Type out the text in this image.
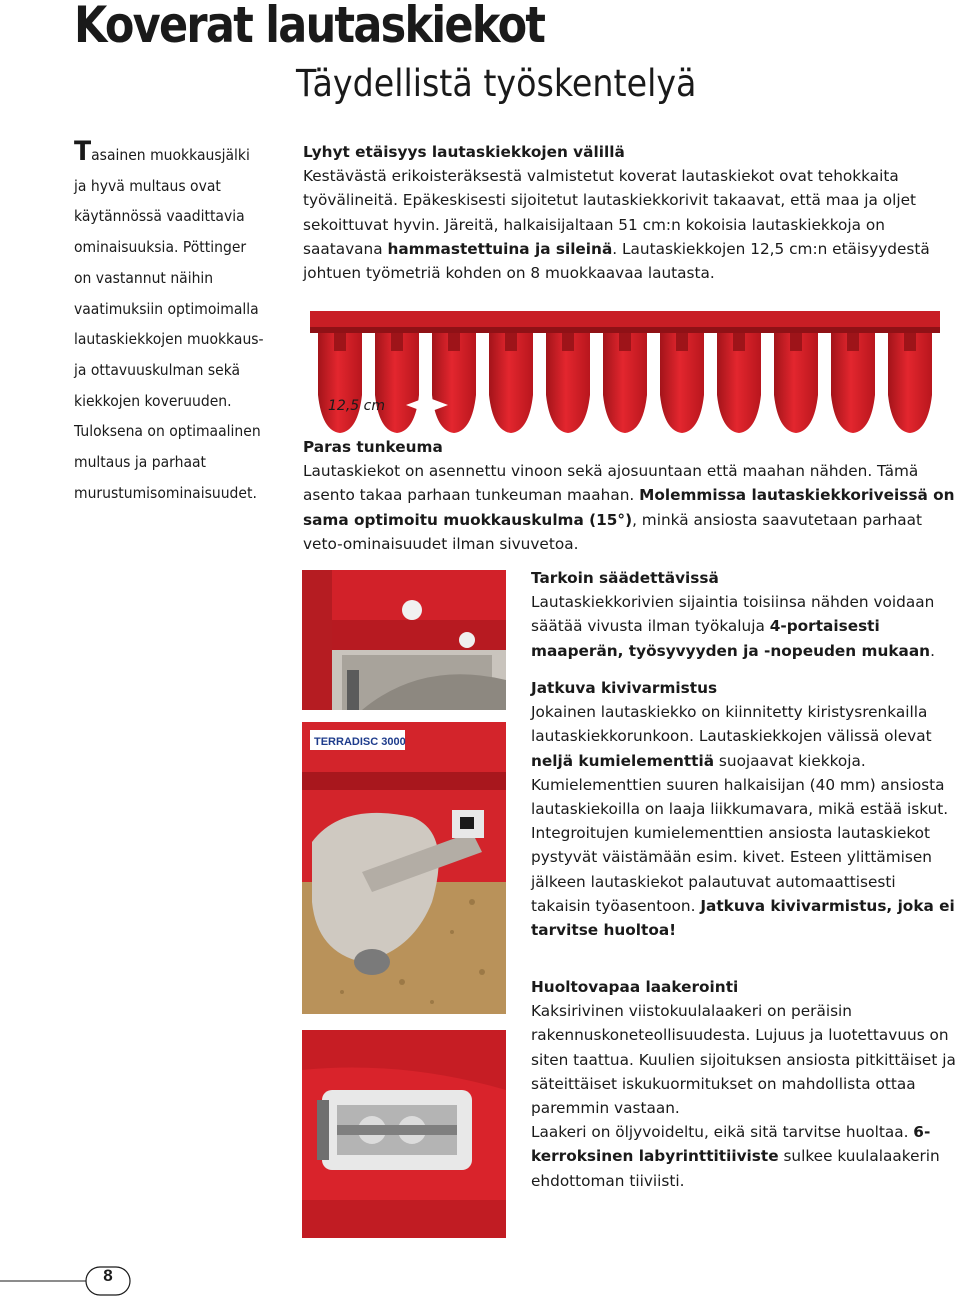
Koverat lautaskiekot
Täydellistä työskentelyä

Tasainen muokkausjälki ja hyvä multaus ovat käytännössä vaadittavia ominaisuuksia. Pöttinger on vastannut näihin vaatimuksiin optimoimalla lautaskiekkojen muokkaus- ja ottavuuskulman sekä kiekkojen koveruuden. Tuloksena on optimaalinen multaus ja parhaat murustumisominaisuudet.

Lyhyt etäisyys lautaskiekkojen välillä

Kestävästä erikoisteräksestä valmistetut koverat lautaskiekot ovat tehokkaita työvälineitä. Epäkeskisesti sijoitetut lautaskiekkorivit takaavat, että maa ja oljet sekoittuvat hyvin. Järeitä, halkaisijaltaan 51 cm:n kokoisia lautaskiekkoja on saatavana hammastettuina ja sileinä. Lautaskiekkojen 12,5 cm:n etäisyydestä johtuen työmetriä kohden on 8 muokkaavaa lautasta.

12,5 cm
Paras tunkeuma

Lautaskiekot on asennettu vinoon sekä ajosuuntaan että maahan nähden. Tämä asento takaa parhaan tunkeuman maahan. Molemmissa lautaskiekkoriveissä on sama optimoitu muokkauskulma (15°), minkä ansiosta saavutetaan parhaat veto-ominaisuudet ilman sivuvetoa.

TERRADISC 3000
Tarkoin säädettävissä

Lautaskiekkorivien sijaintia toisiinsa nähden voidaan säätää vivusta ilman työkaluja 4-portaisesti maaperän, työsyvyyden ja -nopeuden mukaan.

Jatkuva kivivarmistus

Jokainen lautaskiekko on kiinnitetty kiristysrenkailla lautaskiekkorunkoon. Lautaskiekkojen välissä olevat neljä kumielementtiä suojaavat kiekkoja. Kumielementtien suuren halkaisijan (40 mm) ansiosta lautaskiekoilla on laaja liikkumavara, mikä estää iskut.

Integroitujen kumielementtien ansiosta lautaskiekot pystyvät väistämään esim. kivet. Esteen ylittämisen jälkeen lautaskiekot palautuvat automaattisesti takaisin työasentoon. Jatkuva kivivarmistus, joka ei tarvitse huoltoa!

Huoltovapaa laakerointi

Kaksirivinen viistokuulalaakeri on peräisin rakennuskoneteollisuudesta. Lujuus ja luotettavuus on siten taattua. Kuulien sijoituksen ansiosta pitkittäiset ja säteittäiset iskukuormitukset on mahdollista ottaa paremmin vastaan.

Laakeri on öljyvoideltu, eikä sitä tarvitse huoltaa. 6-kerroksinen labyrinttitiiviste sulkee kuulalaakerin ehdottoman tiiviisti.

8
